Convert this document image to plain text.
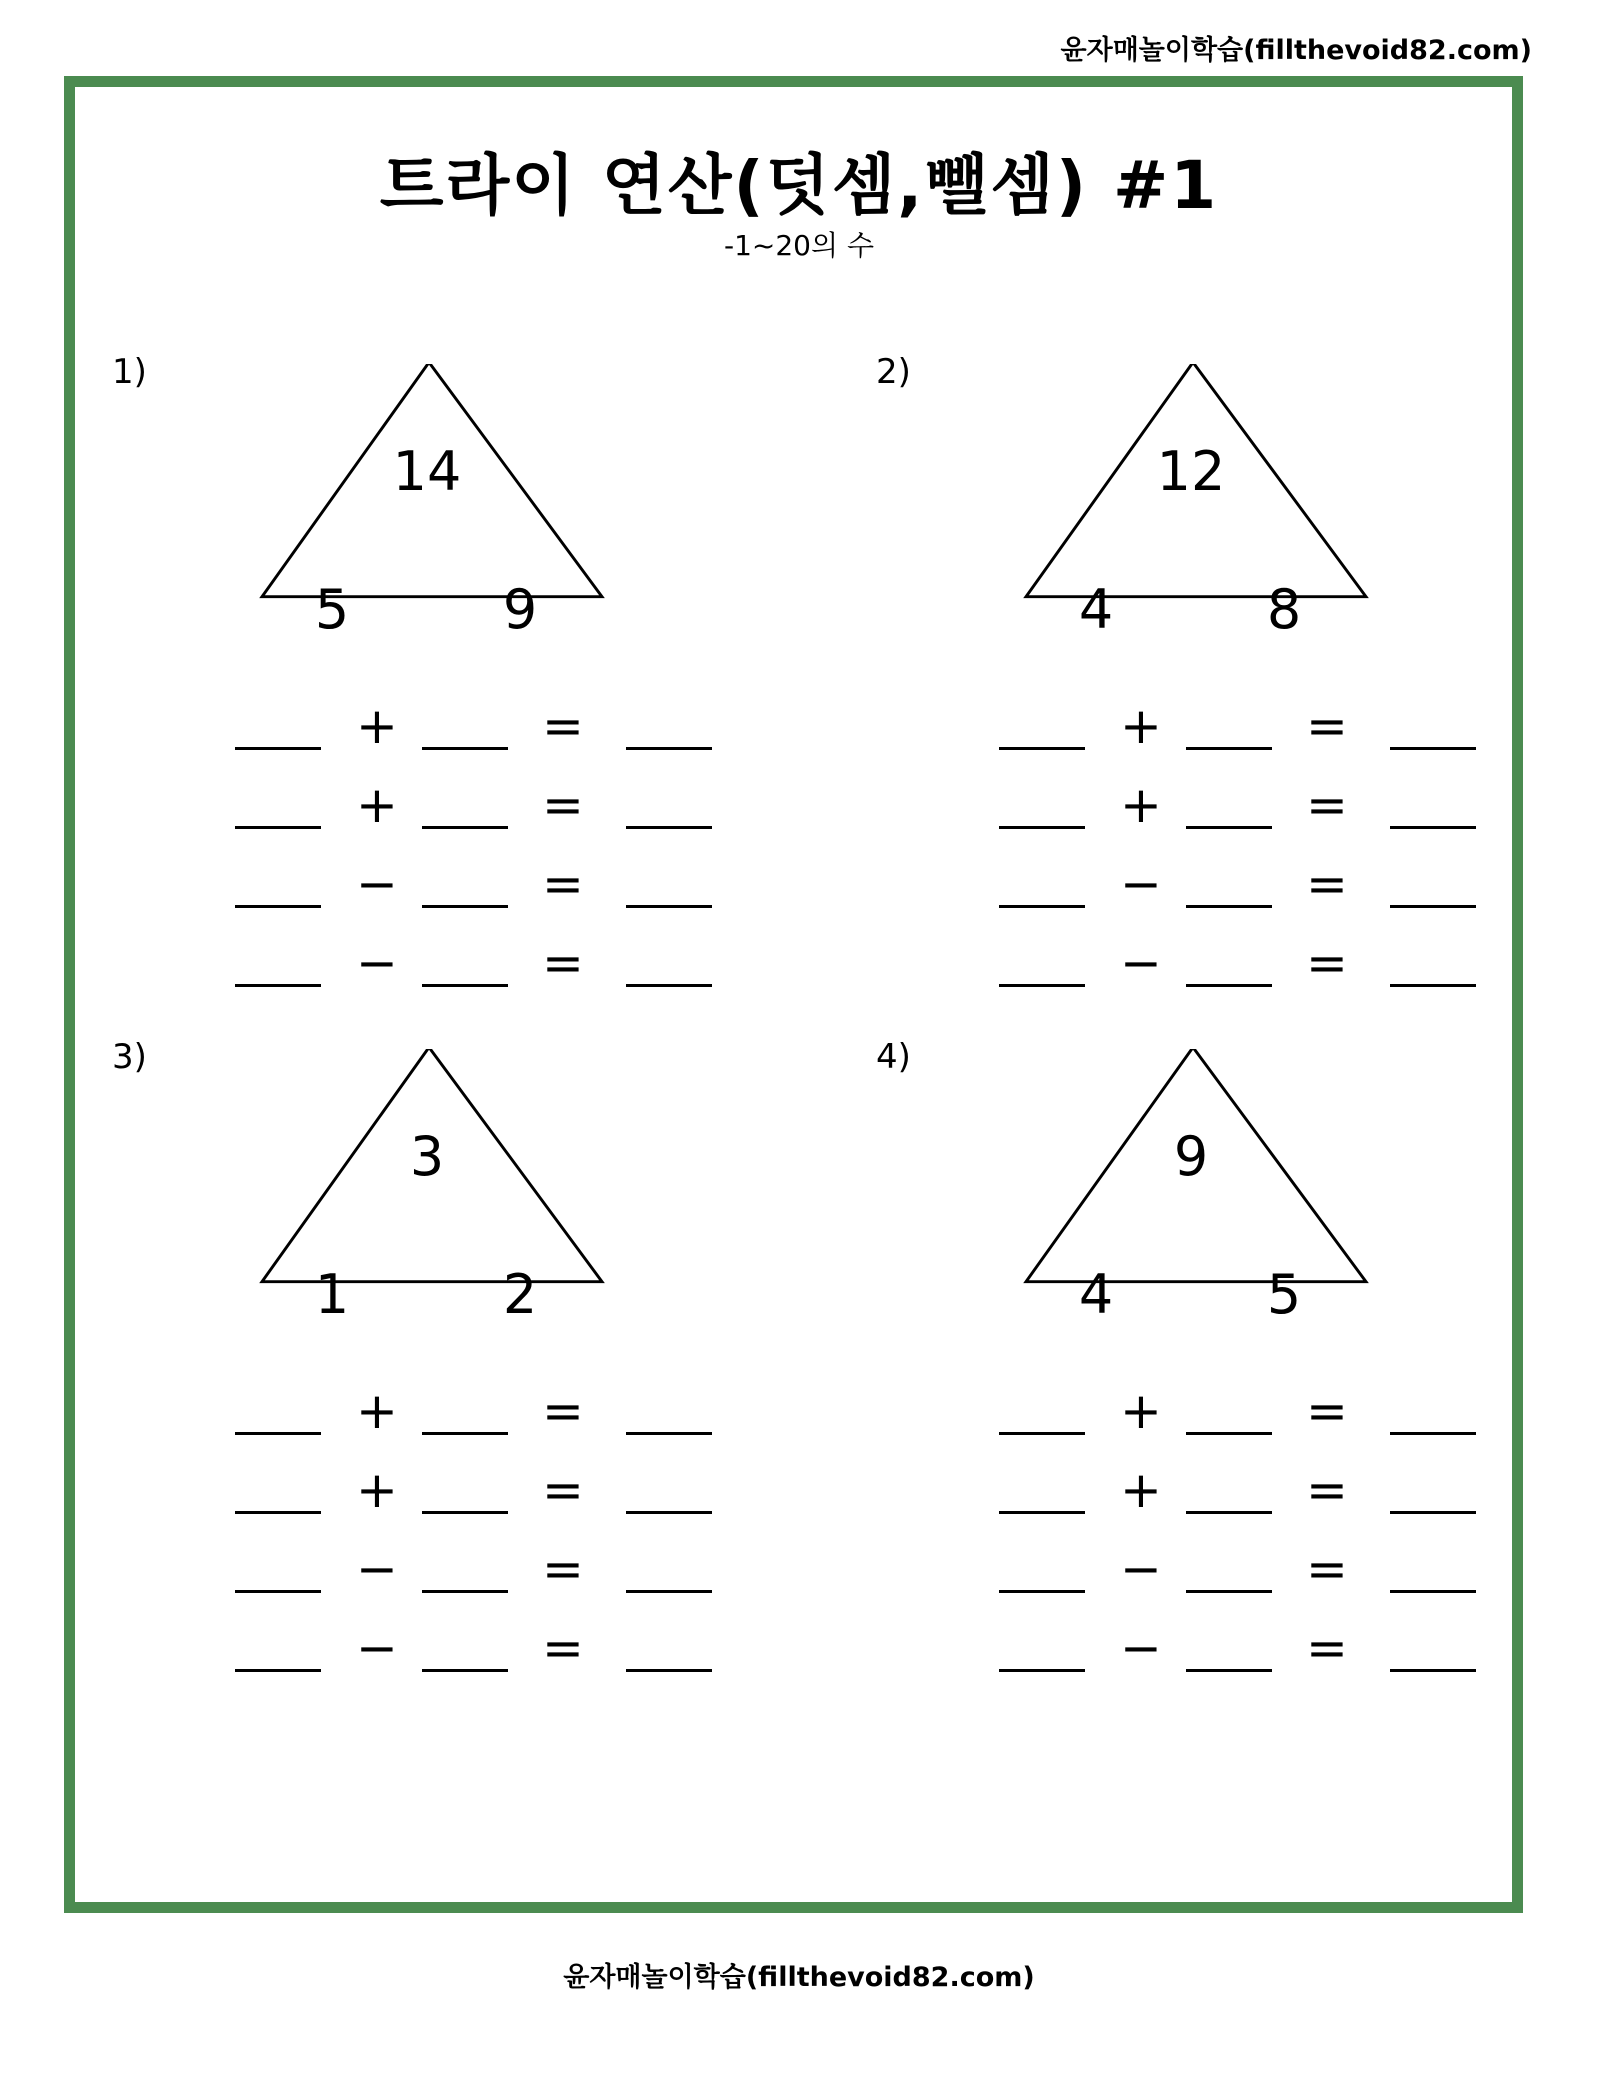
윤자매놀이학습(fillthevoid82.com)
트라이 연산(덧셈,뺄셈) #1
-1~20의 수
1)
14
5	9
+	=
+	=
−	=
−	=
2)
12
4	8
+	=
+	=
−	=
−	=
3)
3
1	2
+	=
+	=
−	=
−	=
4)
9
4	5
+	=
+	=
−	=
−	=
윤자매놀이학습(fillthevoid82.com)
